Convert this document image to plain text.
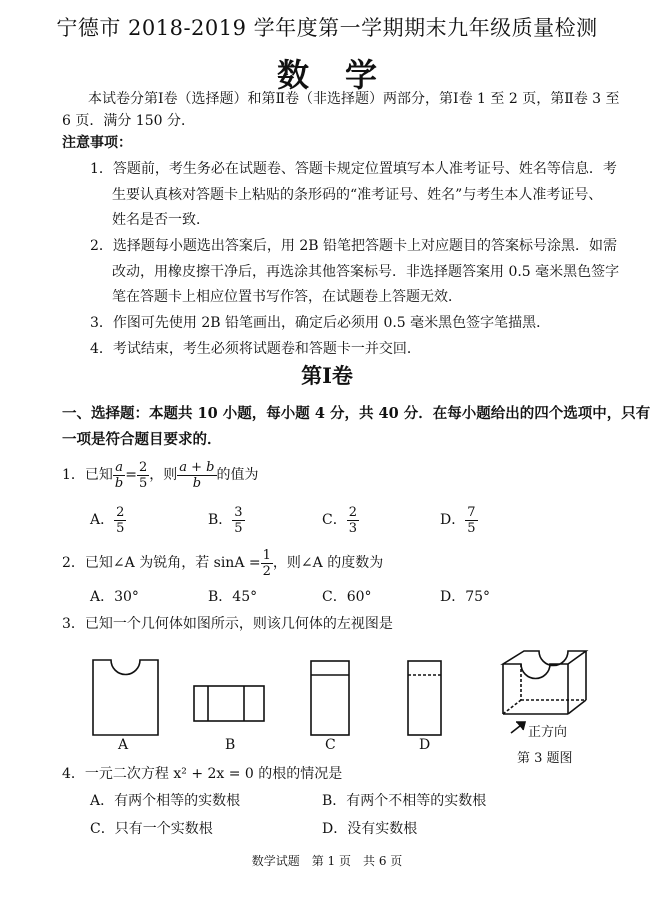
宁德市 2018-2019 学年度第一学期期末九年级质量检测
数学
本试卷分第Ⅰ卷（选择题）和第Ⅱ卷（非选择题）两部分，第Ⅰ卷 1 至 2 页，第Ⅱ卷 3 至
6 页．满分 150 分．
注意事项：
1．答题前，考生务必在试题卷、答题卡规定位置填写本人准考证号、姓名等信息．考
生要认真核对答题卡上粘贴的条形码的“准考证号、姓名”与考生本人准考证号、
姓名是否一致．
2．选择题每小题选出答案后，用 2B 铅笔把答题卡上对应题目的答案标号涂黑．如需
改动，用橡皮擦干净后，再选涂其他答案标号．非选择题答案用 0.5 毫米黑色签字
笔在答题卡上相应位置书写作答，在试题卷上答题无效．
3．作图可先使用 2B 铅笔画出，确定后必须用 0.5 毫米黑色签字笔描黑．
4．考试结束，考生必须将试题卷和答题卡一并交回．
第Ⅰ卷
一、选择题：本题共 10 小题，每小题 4 分，共 40 分．在每小题给出的四个选项中，只有
一项是符合题目要求的．
1．已知 $\frac{a}{b} = \frac{2}{5}$ ，则 $\frac{a + b}{b}$ 的值为
A． $\frac{2}{5}$	B． $\frac{3}{5}$	C． $\frac{2}{3}$	D． $\frac{7}{5}$
2．已知∠A 为锐角，若 $\sin A = \frac{1}{2}$ ，则∠A 的度数为
A．30°	B．45°	C．60°	D．75°
3．已知一个几何体如图所示，则该几何体的左视图是
A	B	C	D
正方向
第 3 题图
4．一元二次方程 x² + 2x = 0 的根的情况是
A．有两个相等的实数根	B．有两个不相等的实数根
C．只有一个实数根	D．没有实数根
数学试题　第 1 页　共 6 页
